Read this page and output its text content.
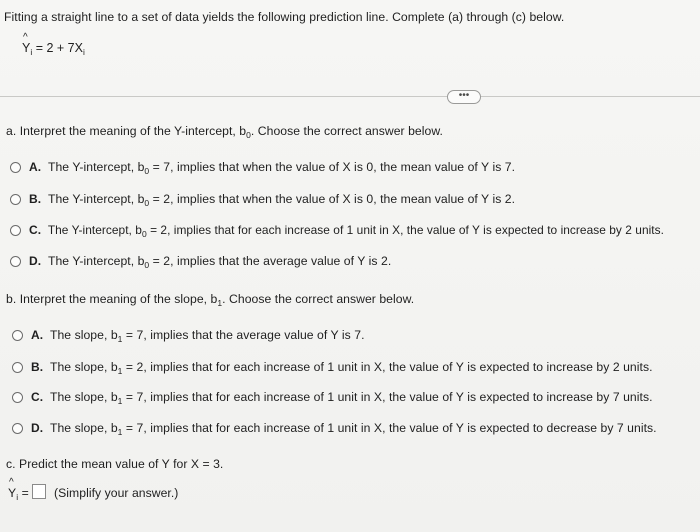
Fitting a straight line to a set of data yields the following prediction line. Complete (a) through (c) below.
^ $Y_i = 2 + 7X_i$
•••
a. Interpret the meaning of the Y-intercept, $b_0$. Choose the correct answer below.
A. The Y-intercept, $b_0 = 7$, implies that when the value of X is 0, the mean value of Y is 7.
B. The Y-intercept, $b_0 = 2$, implies that when the value of X is 0, the mean value of Y is 2.
C. The Y-intercept, $b_0 = 2$, implies that for each increase of 1 unit in X, the value of Y is expected to increase by 2 units.
D. The Y-intercept, $b_0 = 2$, implies that the average value of Y is 2.
b. Interpret the meaning of the slope, $b_1$. Choose the correct answer below.
A. The slope, $b_1 = 7$, implies that the average value of Y is 7.
B. The slope, $b_1 = 2$, implies that for each increase of 1 unit in X, the value of Y is expected to increase by 2 units.
C. The slope, $b_1 = 7$, implies that for each increase of 1 unit in X, the value of Y is expected to increase by 7 units.
D. The slope, $b_1 = 7$, implies that for each increase of 1 unit in X, the value of Y is expected to decrease by 7 units.
c. Predict the mean value of Y for X = 3.
^ $Y_i$ = (Simplify your answer.)
